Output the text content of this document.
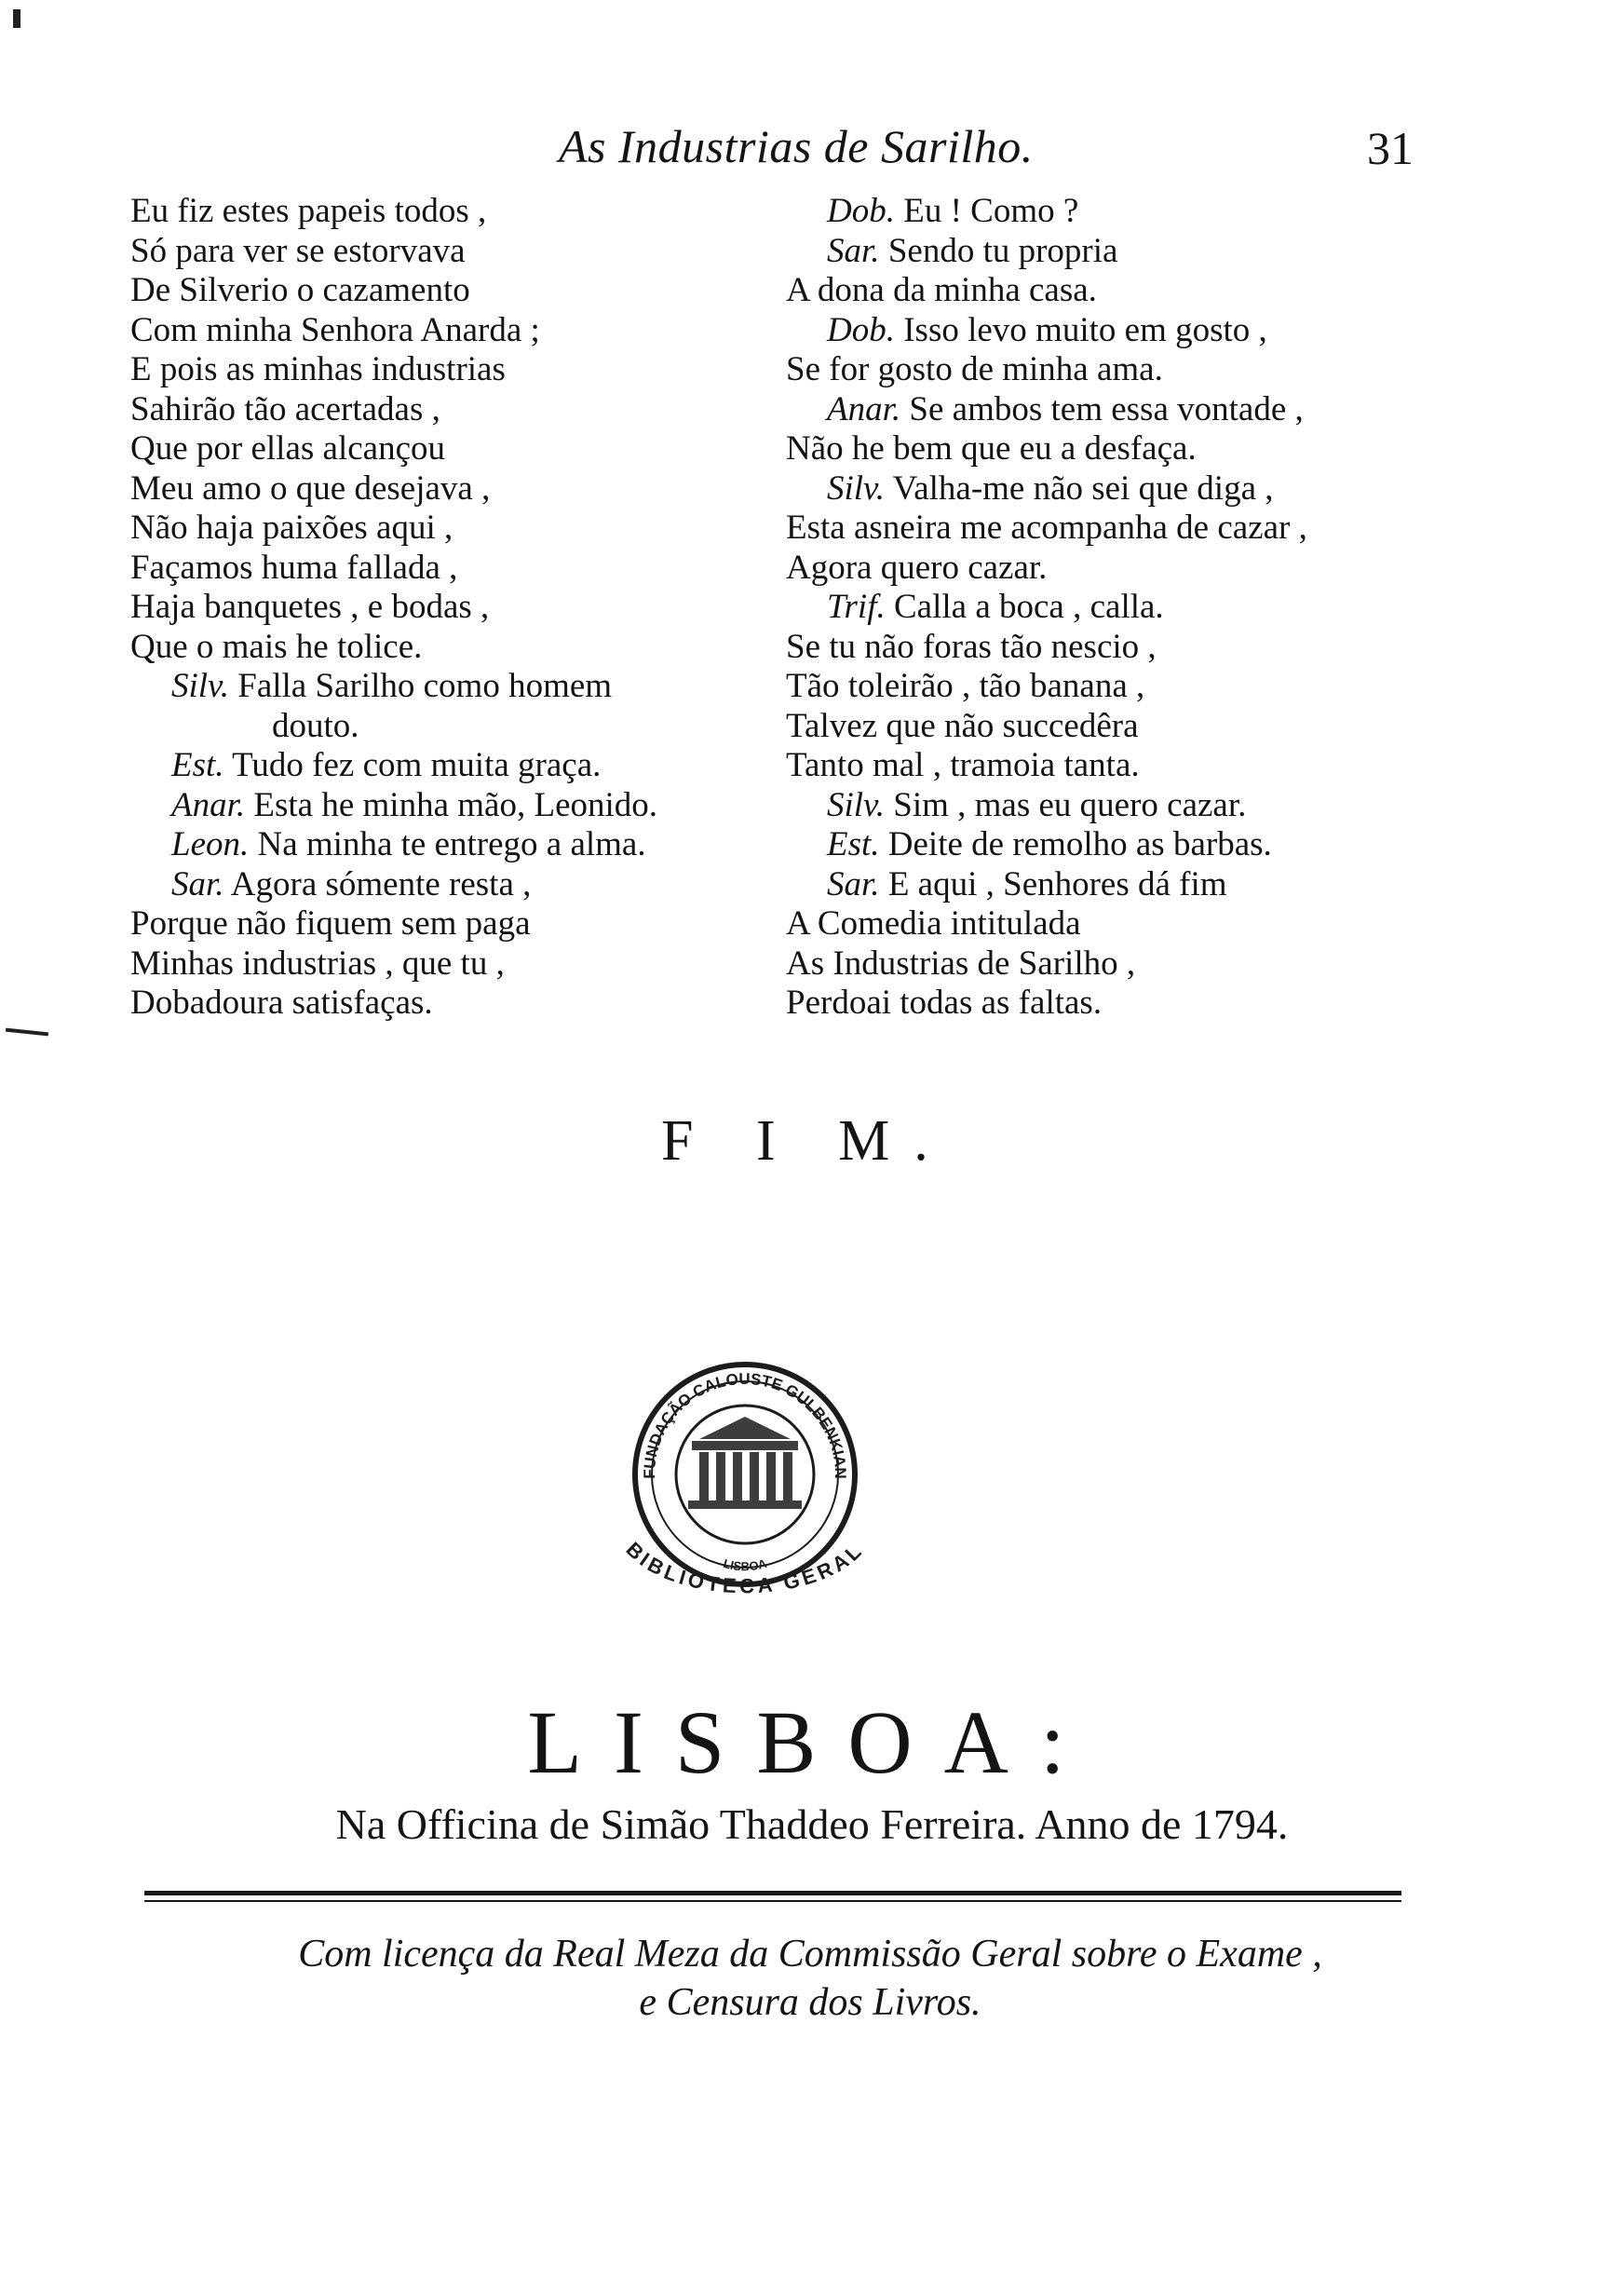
As Industrias de Sarilho.	31
Eu fiz estes papeis todos ,
Só para ver se estorvava
De Silverio o cazamento
Com minha Senhora Anarda ;
E pois as minhas industrias
Sahirão tão acertadas ,
Que por ellas alcançou
Meu amo o que desejava ,
Não haja paixões aqui ,
Façamos huma fallada ,
Haja banquetes , e bodas ,
Que o mais he tolice.
Silv. Falla Sarilho como homem
douto.
Est. Tudo fez com muita graça.
Anar. Esta he minha mão, Leonido.
Leon. Na minha te entrego a alma.
Sar. Agora sómente resta ,
Porque não fiquem sem paga
Minhas industrias , que tu ,
Dobadoura satisfaças.
Dob. Eu ! Como ?
Sar. Sendo tu propria
A dona da minha casa.
Dob. Isso levo muito em gosto ,
Se for gosto de minha ama.
Anar. Se ambos tem essa vontade ,
Não he bem que eu a desfaça.
Silv. Valha-me não sei que diga ,
Esta asneira me acompanha de cazar ,
Agora quero cazar.
Trif. Calla a boca , calla.
Se tu não foras tão nescio ,
Tão toleirão , tão banana ,
Talvez que não succedêra
Tanto mal , tramoia tanta.
Silv. Sim , mas eu quero cazar.
Est. Deite de remolho as barbas.
Sar. E aqui , Senhores dá fim
A Comedia intitulada
As Industrias de Sarilho ,
Perdoai todas as faltas.
F I M.
FUNDAÇÃO CALOUSTE GULBENKIAN
LISBOA
BIBLIOTECA GERAL
LISBOA:
Na Officina de Simão Thaddeo Ferreira. Anno de 1794.
Com licença da Real Meza da Commissão Geral sobre o Exame ,
e Censura dos Livros.
